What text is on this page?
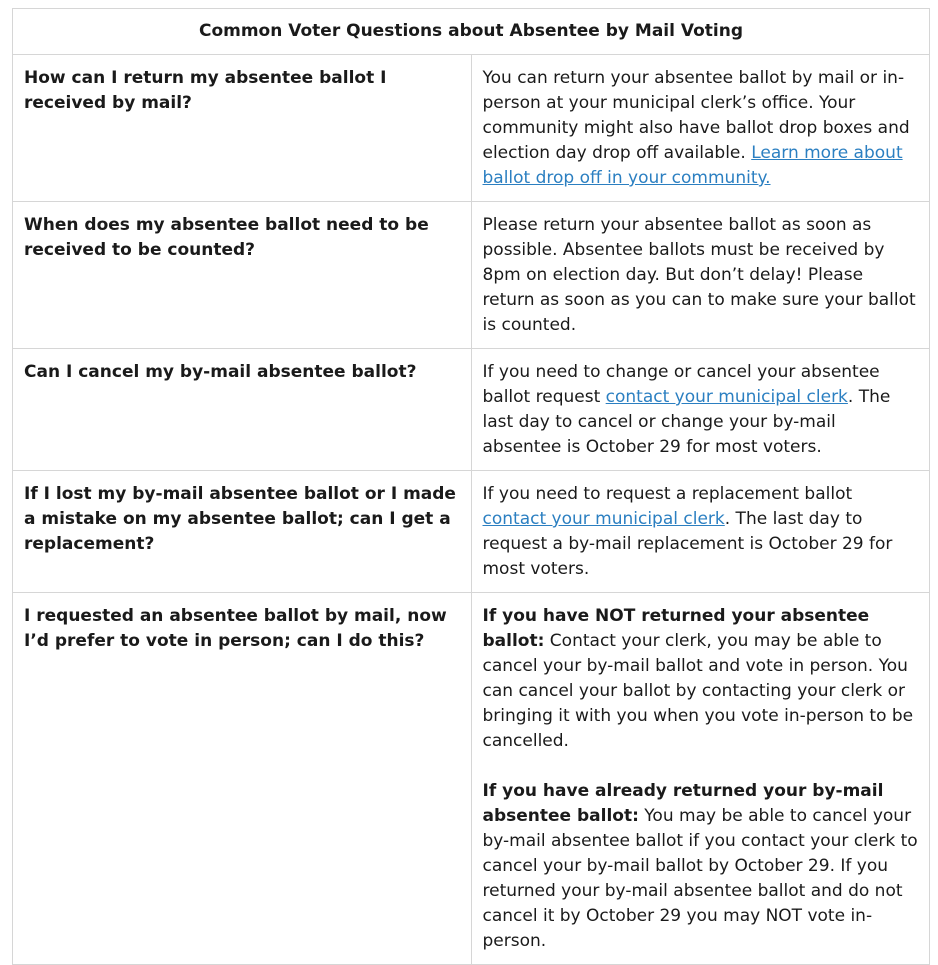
Common Voter Questions about Absentee by Mail Voting	
How can I return my absentee ballot I received by mail?	You can return your absentee ballot by mail or in-person at your municipal clerk’s office. Your community might also have ballot drop boxes and election day drop off available. Learn more about ballot drop off in your community.
When does my absentee ballot need to be received to be counted?	Please return your absentee ballot as soon as possible. Absentee ballots must be received by 8pm on election day. But don’t delay! Please return as soon as you can to make sure your ballot is counted.
Can I cancel my by-mail absentee ballot?	If you need to change or cancel your absentee ballot request contact your municipal clerk. The last day to cancel or change your by-mail absentee is October 29 for most voters.
If I lost my by-mail absentee ballot or I made a mistake on my absentee ballot; can I get a replacement?	If you need to request a replacement ballot contact your municipal clerk. The last day to request a by-mail replacement is October 29 for most voters.
I requested an absentee ballot by mail, now I’d prefer to vote in person; can I do this?	If you have NOT returned your absentee ballot: Contact your clerk, you may be able to cancel your by-mail ballot and vote in person. You can cancel your ballot by contacting your clerk or bringing it with you when you vote in-person to be cancelled.
If you have already returned your by-mail absentee ballot: You may be able to cancel your by-mail absentee ballot if you contact your clerk to cancel your by-mail ballot by October 29. If you returned your by-mail absentee ballot and do not cancel it by October 29 you may NOT vote in-person.
